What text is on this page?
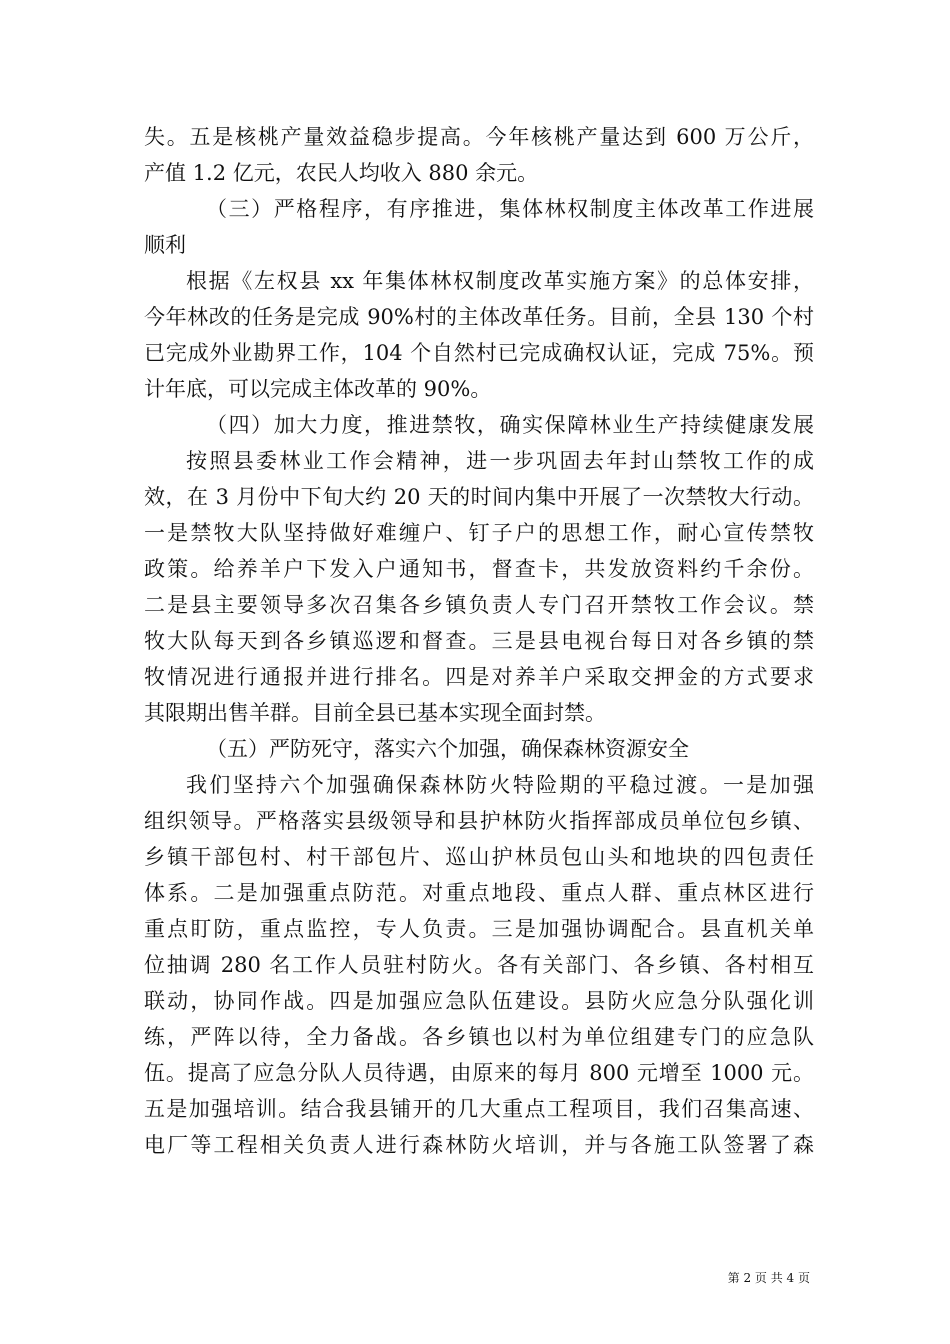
失。五是核桃产量效益稳步提高。今年核桃产量达到 600 万公斤，
产值 1.2 亿元，农民人均收入 880 余元。
（三）严格程序，有序推进，集体林权制度主体改革工作进展
顺利
根据《左权县 xx 年集体林权制度改革实施方案》的总体安排，
今年林改的任务是完成 90%村的主体改革任务。目前，全县 130 个村
已完成外业勘界工作，104 个自然村已完成确权认证，完成 75%。预
计年底，可以完成主体改革的 90%。
（四）加大力度，推进禁牧，确实保障林业生产持续健康发展
按照县委林业工作会精神，进一步巩固去年封山禁牧工作的成
效，在 3 月份中下旬大约 20 天的时间内集中开展了一次禁牧大行动。
一是禁牧大队坚持做好难缠户、钉子户的思想工作，耐心宣传禁牧
政策。给养羊户下发入户通知书，督查卡，共发放资料约千余份。
二是县主要领导多次召集各乡镇负责人专门召开禁牧工作会议。禁
牧大队每天到各乡镇巡逻和督查。三是县电视台每日对各乡镇的禁
牧情况进行通报并进行排名。四是对养羊户采取交押金的方式要求
其限期出售羊群。目前全县已基本实现全面封禁。
（五）严防死守，落实六个加强，确保森林资源安全
我们坚持六个加强确保森林防火特险期的平稳过渡。一是加强
组织领导。严格落实县级领导和县护林防火指挥部成员单位包乡镇、
乡镇干部包村、村干部包片、巡山护林员包山头和地块的四包责任
体系。二是加强重点防范。对重点地段、重点人群、重点林区进行
重点盯防，重点监控，专人负责。三是加强协调配合。县直机关单
位抽调 280 名工作人员驻村防火。各有关部门、各乡镇、各村相互
联动，协同作战。四是加强应急队伍建设。县防火应急分队强化训
练，严阵以待，全力备战。各乡镇也以村为单位组建专门的应急队
伍。提高了应急分队人员待遇，由原来的每月 800 元增至 1000 元。
五是加强培训。结合我县铺开的几大重点工程项目，我们召集高速、
电厂等工程相关负责人进行森林防火培训，并与各施工队签署了森
第 2 页 共 4 页
